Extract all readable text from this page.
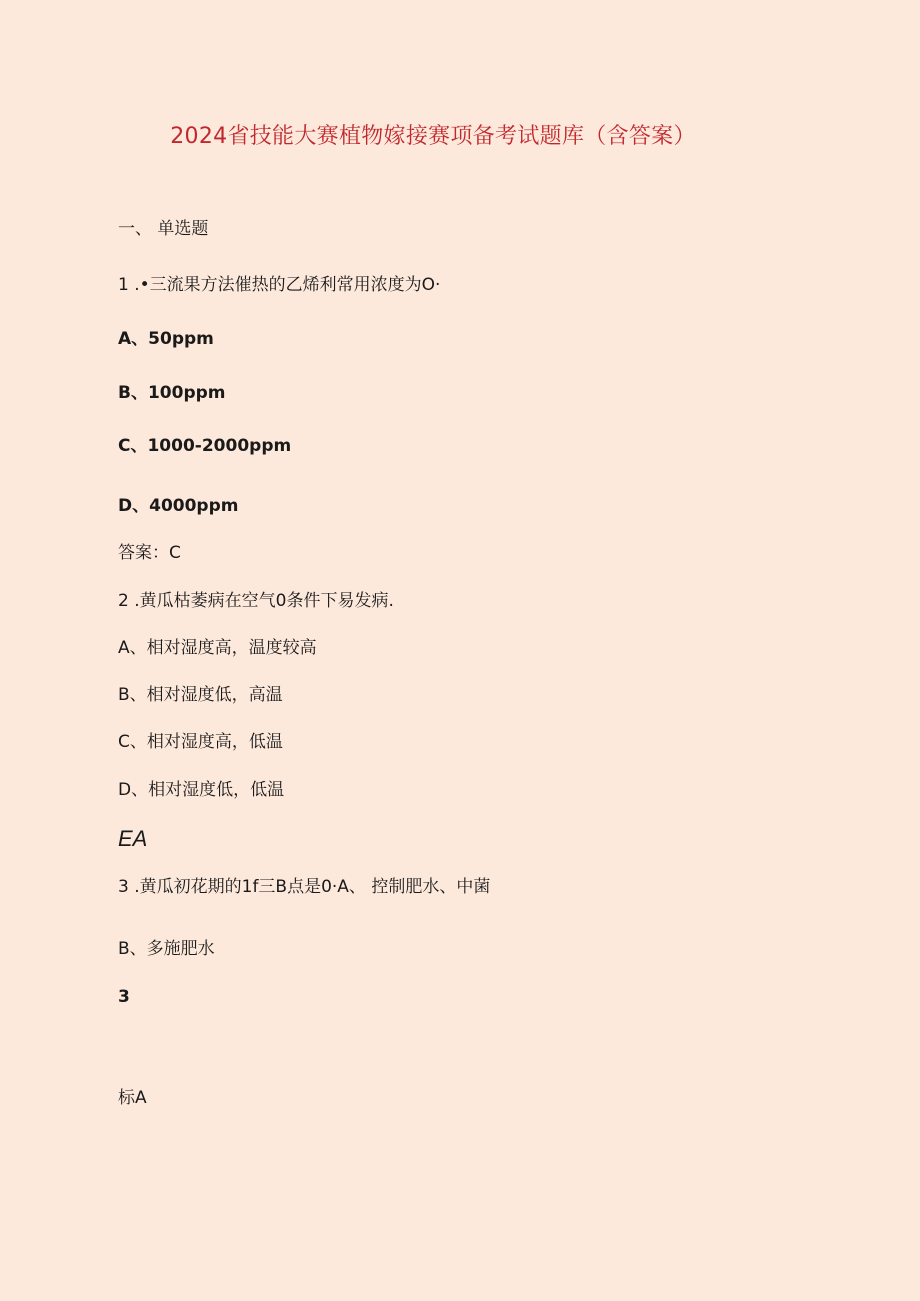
2024省技能大赛植物嫁接赛项备考试题库（含答案）
一、 单选题
1 .•三流果方法催热的乙烯利常用浓度为O·
A、50ppm
B、100ppm
C、1000-2000ppm
D、4000ppm
答案：C
2 .黄瓜枯萎病在空气0条件下易发病.
A、相对湿度高，温度较高
B、相对湿度低，高温
C、相对湿度高，低温
D、相对湿度低，低温
EA
3 .黄瓜初花期的1f三B点是0·A、 控制肥水、中菌
B、多施肥水
3
标A
